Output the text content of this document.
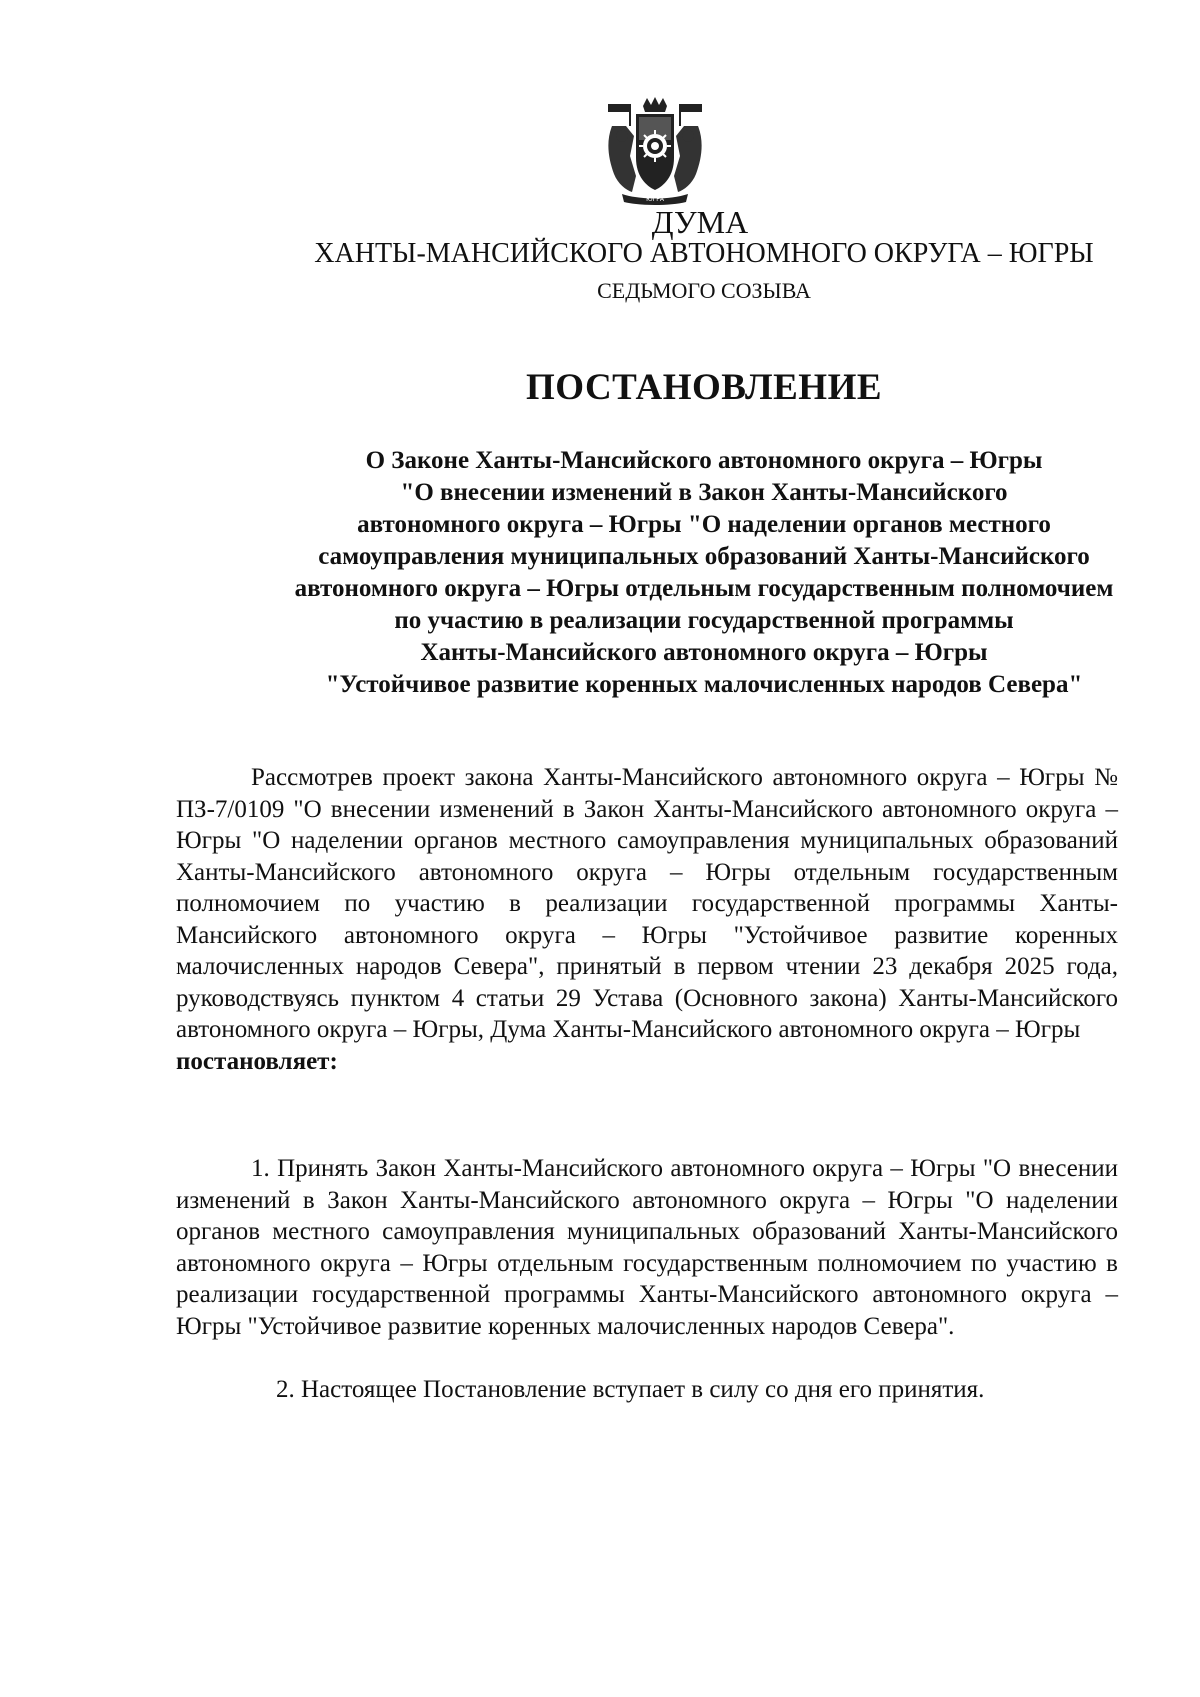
ЮГРА
ДУМА
ХАНТЫ-МАНСИЙСКОГО АВТОНОМНОГО ОКРУГА – ЮГРЫ
СЕДЬМОГО СОЗЫВА
ПОСТАНОВЛЕНИЕ
О Законе Ханты-Мансийского автономного округа – Югры
"О внесении изменений в Закон Ханты-Мансийского
автономного округа – Югры "О наделении органов местного
самоуправления муниципальных образований Ханты-Мансийского
автономного округа – Югры отдельным государственным полномочием
по участию в реализации государственной программы
Ханты-Мансийского автономного округа – Югры
"Устойчивое развитие коренных малочисленных народов Севера"
Рассмотрев проект закона Ханты-Мансийского автономного округа – Югры № ПЗ-7/0109 "О внесении изменений в Закон Ханты-Мансийского автономного округа – Югры "О наделении органов местного самоуправления муниципальных образований Ханты-Мансийского автономного округа – Югры отдельным государственным полномочием по участию в реализации государственной программы Ханты-Мансийского автономного округа – Югры "Устойчивое развитие коренных малочисленных народов Севера", принятый в первом чтении 23 декабря 2025 года, руководствуясь пунктом 4 статьи 29 Устава (Основного закона) Ханты-Мансийского автономного округа – Югры, Дума Ханты-Мансийского автономного округа – Югры
постановляет:
1. Принять Закон Ханты-Мансийского автономного округа – Югры "О внесении изменений в Закон Ханты-Мансийского автономного округа – Югры "О наделении органов местного самоуправления муниципальных образований Ханты-Мансийского автономного округа – Югры отдельным государственным полномочием по участию в реализации государственной программы Ханты-Мансийского автономного округа – Югры "Устойчивое развитие коренных малочисленных народов Севера".
2. Настоящее Постановление вступает в силу со дня его принятия.
